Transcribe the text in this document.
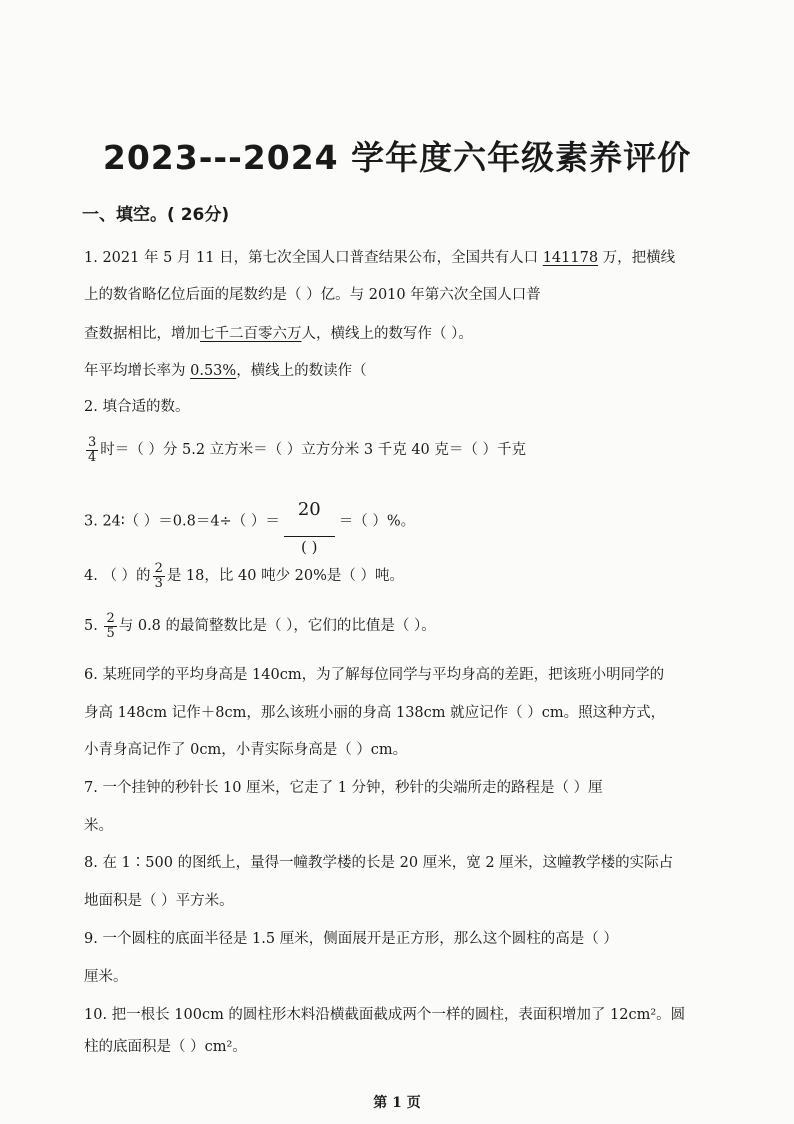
2023---2024 学年度六年级素养评价
一、填空。( 26分)
1. 2021 年 5 月 11 日，第七次全国人口普查结果公布，全国共有人口 141178 万，把横线
上的数省略亿位后面的尾数约是（ ）亿。与 2010 年第六次全国人口普
查数据相比，增加七千二百零六万人，横线上的数写作（ ）。
年平均增长率为 0.53%，横线上的数读作（
2. 填合适的数。
$\frac{3}{4}$ 时＝（ ）分 5.2 立方米＝（ ）立方分米 3 千克 40 克＝（ ）千克
3. 24∶（ ）＝0.8＝4÷（ ）＝ $\frac{20}{( )}$ ＝（ ）%。
4. （ ）的 $\frac{2}{3}$ 是 18，比 40 吨少 20%是（ ）吨。
5. $\frac{2}{5}$ 与 0.8 的最简整数比是（ ），它们的比值是（ ）。
6. 某班同学的平均身高是 140cm，为了解每位同学与平均身高的差距，把该班小明同学的
身高 148cm 记作＋8cm，那么该班小丽的身高 138cm 就应记作（ ）cm。照这种方式，
小青身高记作了 0cm，小青实际身高是（ ）cm。
7. 一个挂钟的秒针长 10 厘米，它走了 1 分钟，秒针的尖端所走的路程是（ ）厘
米。
8. 在 1∶500 的图纸上，量得一幢教学楼的长是 20 厘米，宽 2 厘米，这幢教学楼的实际占
地面积是（ ）平方米。
9. 一个圆柱的底面半径是 1.5 厘米，侧面展开是正方形，那么这个圆柱的高是（ ）
厘米。
10. 把一根长 100cm 的圆柱形木料沿横截面截成两个一样的圆柱，表面积增加了 12cm²。圆
柱的底面积是（ ）cm²。
第 1 页
